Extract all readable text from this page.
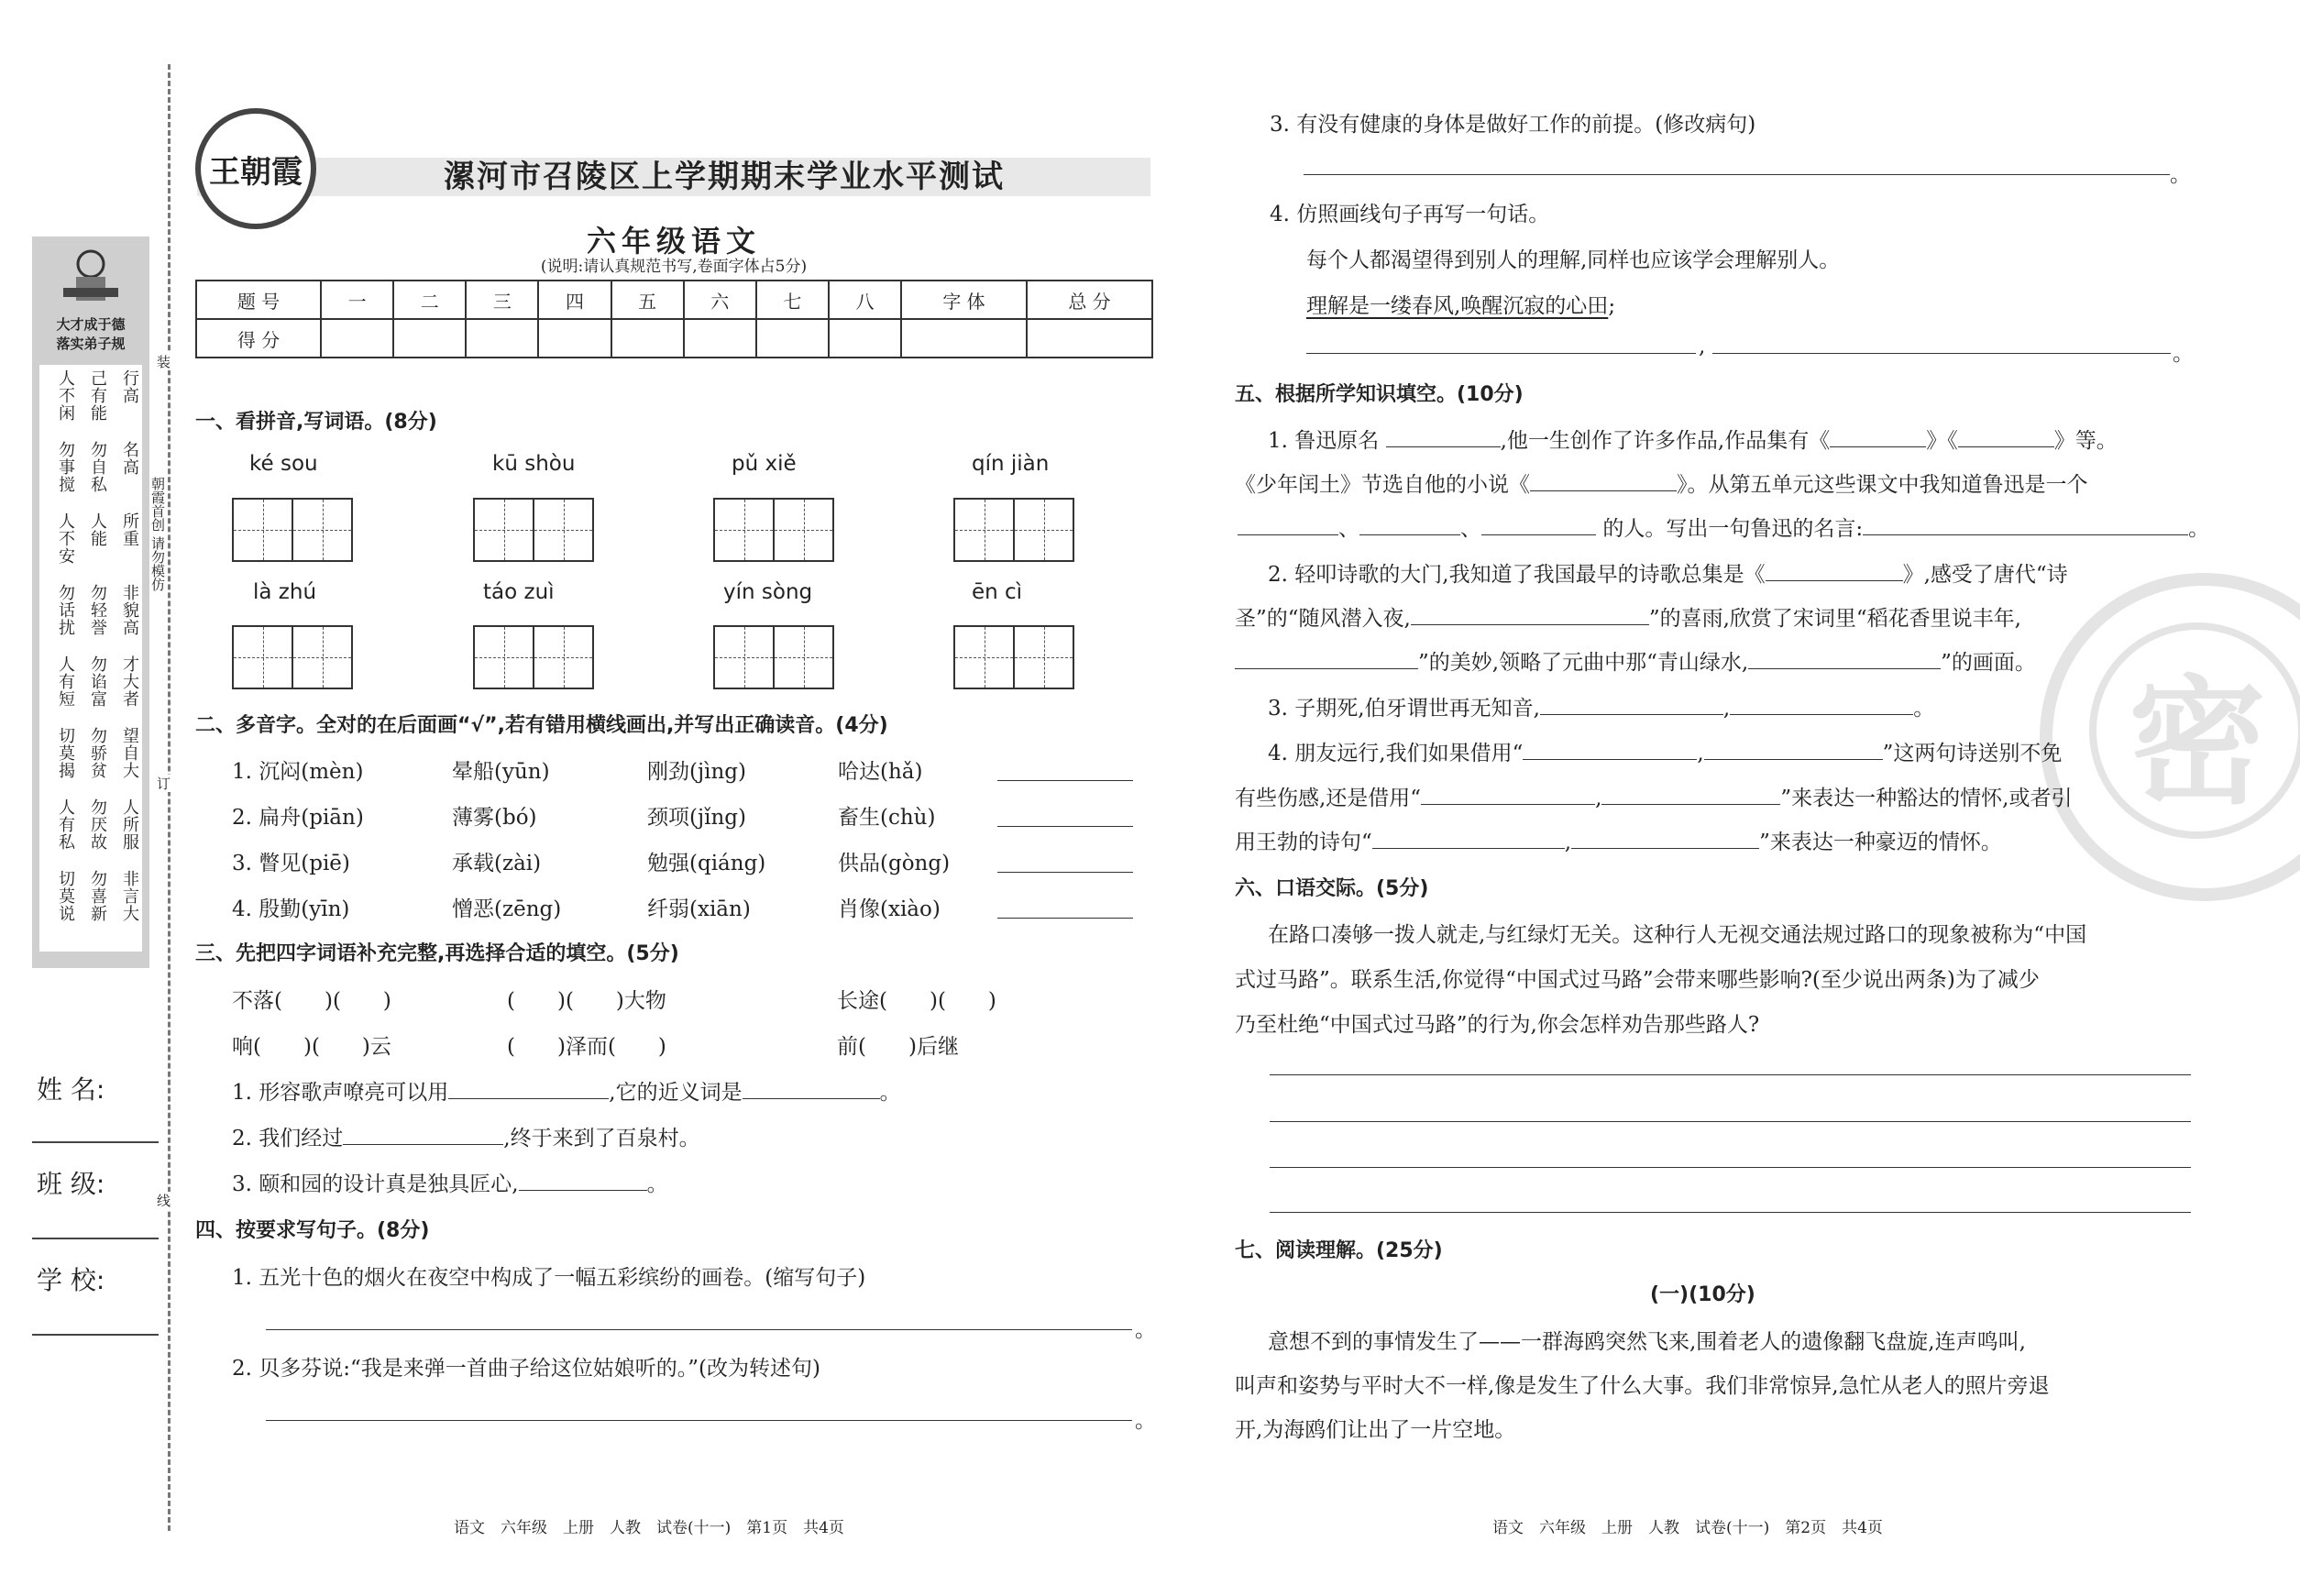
大才成于德
落实弟子规
人不闲 己有能 行高
勿事搅 勿自私 名高
人不安 人能 所重
勿话扰 勿轻誉 非貌高
人有短 勿谄富 才大者
切莫揭 勿骄贫 望自大
人有私 勿厌故 人所服
切莫说 勿喜新 非言大
装
订
线
朝霞首创 请勿模仿
姓 名:
班 级:
学 校:
漯河市召陵区上学期期末学业水平测试
王朝霞
六年级语文
(说明:请认真规范书写,卷面字体占5分)
题 号	一	二	三	四	五	六	七	八	字 体	总 分
得 分										
一、看拼音,写词语。(8分)
ké sou	kū shòu	pǔ xiě	qín jiàn
là zhú	táo zuì	yín sòng	ēn cì
二、多音字。全对的在后面画“√”,若有错用横线画出,并写出正确读音。(4分)
1. 沉闷(mèn)	晕船(yūn)	刚劲(jìng)	哈达(hǎ)
2. 扁舟(piān)	薄雾(bó)	颈项(jǐng)	畜生(chù)
3. 瞥见(piē)	承载(zài)	勉强(qiáng)	供品(gòng)
4. 殷勤(yīn)	憎恶(zēng)	纤弱(xiān)	肖像(xiào)
三、先把四字词语补充完整,再选择合适的填空。(5分)
不落(　　)(　　)	(　　)(　　)大物	长途(　　)(　　)
响(　　)(　　)云	(　　)泽而(　　)	前(　　)后继
1. 形容歌声嘹亮可以用	,它的近义词是	。
2. 我们经过	,终于来到了百泉村。
3. 颐和园的设计真是独具匠心,	。
四、按要求写句子。(8分)
1. 五光十色的烟火在夜空中构成了一幅五彩缤纷的画卷。(缩写句子)
。
2. 贝多芬说:“我是来弹一首曲子给这位姑娘听的。”(改为转述句)
。
语文　六年级　上册　人教　试卷(十一)　第1页　共4页
密
3. 有没有健康的身体是做好工作的前提。(修改病句)
。
4. 仿照画线句子再写一句话。
每个人都渴望得到别人的理解,同样也应该学会理解别人。
理解是一缕春风,唤醒沉寂的心田;
,	。
五、根据所学知识填空。(10分)
1. 鲁迅原名	,他一生创作了许多作品,作品集有《	》《	》等。
《少年闰土》节选自他的小说《	》。从第五单元这些课文中我知道鲁迅是一个
、	、	的人。写出一句鲁迅的名言:	。
2. 轻叩诗歌的大门,我知道了我国最早的诗歌总集是《	》,感受了唐代“诗
圣”的“随风潜入夜,	”的喜雨,欣赏了宋词里“稻花香里说丰年,
”的美妙,领略了元曲中那“青山绿水,	”的画面。
3. 子期死,伯牙谓世再无知音,	,	。
4. 朋友远行,我们如果借用“	,	”这两句诗送别不免
有些伤感,还是借用“	,	”来表达一种豁达的情怀,或者引
用王勃的诗句“	,	”来表达一种豪迈的情怀。
六、口语交际。(5分)
在路口凑够一拨人就走,与红绿灯无关。这种行人无视交通法规过路口的现象被称为“中国
式过马路”。联系生活,你觉得“中国式过马路”会带来哪些影响?(至少说出两条)为了减少
乃至杜绝“中国式过马路”的行为,你会怎样劝告那些路人?
七、阅读理解。(25分)
(一)(10分)
意想不到的事情发生了——一群海鸥突然飞来,围着老人的遗像翻飞盘旋,连声鸣叫,
叫声和姿势与平时大不一样,像是发生了什么大事。我们非常惊异,急忙从老人的照片旁退
开,为海鸥们让出了一片空地。
语文　六年级　上册　人教　试卷(十一)　第2页　共4页
